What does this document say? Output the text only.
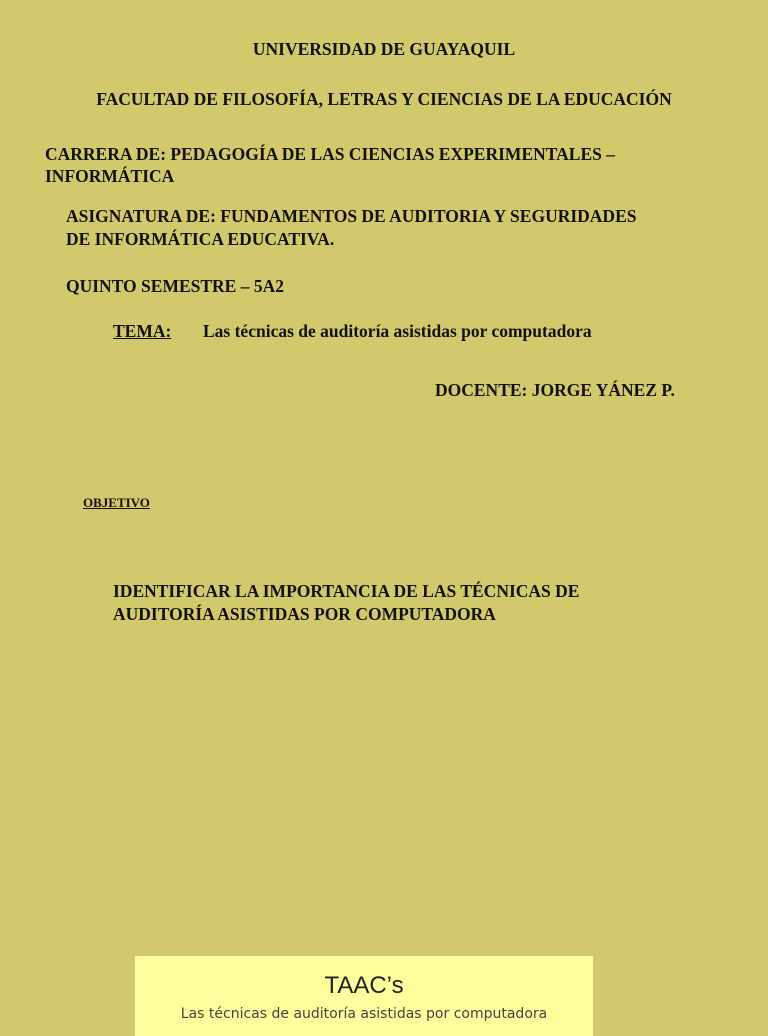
UNIVERSIDAD DE GUAYAQUIL
FACULTAD DE FILOSOFÍA, LETRAS Y CIENCIAS DE LA EDUCACIÓN
CARRERA DE: PEDAGOGÍA DE LAS CIENCIAS EXPERIMENTALES –
INFORMÁTICA
ASIGNATURA DE: FUNDAMENTOS DE AUDITORIA Y SEGURIDADES
DE INFORMÁTICA EDUCATIVA.
QUINTO SEMESTRE – 5A2
TEMA: Las técnicas de auditoría asistidas por computadora
DOCENTE: JORGE YÁNEZ P.
OBJETIVO
IDENTIFICAR LA IMPORTANCIA DE LAS TÉCNICAS DE
AUDITORÍA ASISTIDAS POR COMPUTADORA
TAAC’s
Las técnicas de auditoría asistidas por computadora
